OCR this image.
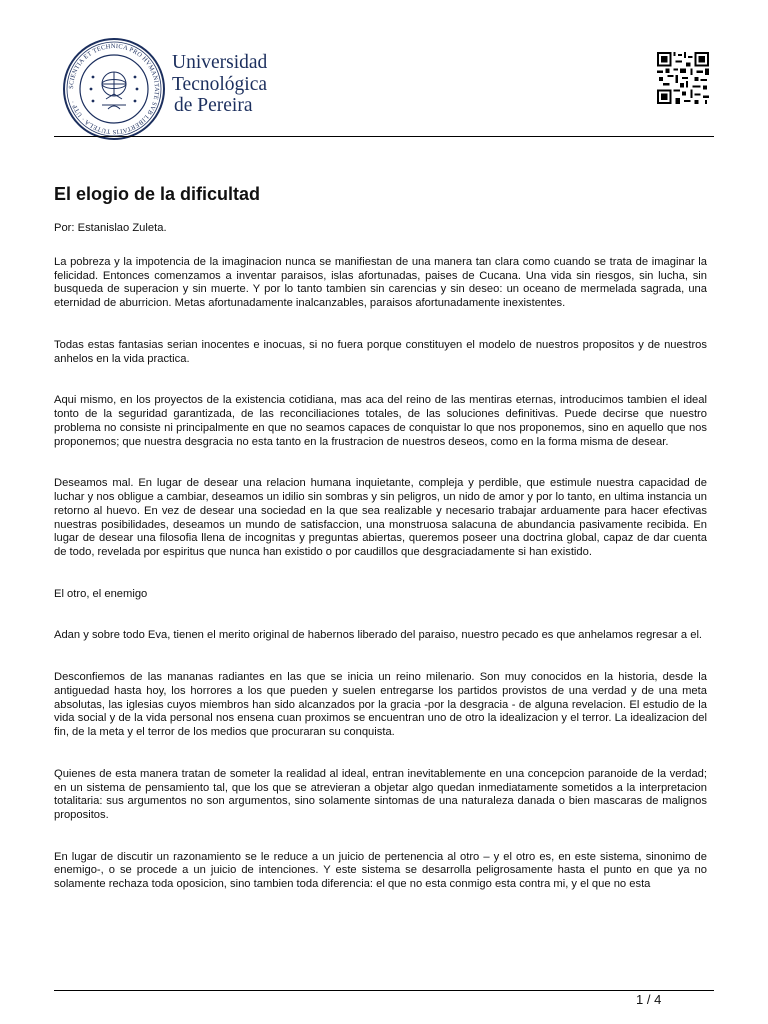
SCIENTIA ET TECHNICA PRO HVMANITATE SVB LIBERTATIS TUTELA · UTP ·
Universidad
Tecnológica
de Pereira
El elogio de la dificultad

Por: Estanislao Zuleta.

La pobreza y la impotencia de la imaginacion nunca se manifiestan de una manera tan clara como cuando se trata de imaginar la felicidad. Entonces comenzamos a inventar paraisos, islas afortunadas, paises de Cucana. Una vida sin riesgos, sin lucha, sin busqueda de superacion y sin muerte. Y por lo tanto tambien sin carencias y sin deseo: un oceano de mermelada sagrada, una eternidad de aburricion. Metas afortunadamente inalcanzables, paraisos afortunadamente inexistentes.

Todas estas fantasias serian inocentes e inocuas, si no fuera porque constituyen el modelo de nuestros propositos y de nuestros anhelos en la vida practica.

Aqui mismo, en los proyectos de la existencia cotidiana, mas aca del reino de las mentiras eternas, introducimos tambien el ideal tonto de la seguridad garantizada, de las reconciliaciones totales, de las soluciones definitivas. Puede decirse que nuestro problema no consiste ni principalmente en que no seamos capaces de conquistar lo que nos proponemos, sino en aquello que nos proponemos; que nuestra desgracia no esta tanto en la frustracion de nuestros deseos, como en la forma misma de desear.

Deseamos mal. En lugar de desear una relacion humana inquietante, compleja y perdible, que estimule nuestra capacidad de luchar y nos obligue a cambiar, deseamos un idilio sin sombras y sin peligros, un nido de amor y por lo tanto, en ultima instancia un retorno al huevo. En vez de desear una sociedad en la que sea realizable y necesario trabajar arduamente para hacer efectivas nuestras posibilidades, deseamos un mundo de satisfaccion, una monstruosa salacuna de abundancia pasivamente recibida. En lugar de desear una filosofia llena de incognitas y preguntas abiertas, queremos poseer una doctrina global, capaz de dar cuenta de todo, revelada por espiritus que nunca han existido o por caudillos que desgraciadamente si han existido.

El otro, el enemigo

Adan y sobre todo Eva, tienen el merito original de habernos liberado del paraiso, nuestro pecado es que anhelamos regresar a el.

Desconfiemos de las mananas radiantes en las que se inicia un reino milenario. Son muy conocidos en la historia, desde la antiguedad hasta hoy, los horrores a los que pueden y suelen entregarse los partidos provistos de una verdad y de una meta absolutas, las iglesias cuyos miembros han sido alcanzados por la gracia -por la desgracia - de alguna revelacion. El estudio de la vida social y de la vida personal nos ensena cuan proximos se encuentran uno de otro la idealizacion y el terror. La idealizacion del fin, de la meta y el terror de los medios que procuraran su conquista.

Quienes de esta manera tratan de someter la realidad al ideal, entran inevitablemente en una concepcion paranoide de la verdad; en un sistema de pensamiento tal, que los que se atrevieran a objetar algo quedan inmediatamente sometidos a la interpretacion totalitaria: sus argumentos no son argumentos, sino solamente sintomas de una naturaleza danada o bien mascaras de malignos propositos.

En lugar de discutir un razonamiento se le reduce a un juicio de pertenencia al otro – y el otro es, en este sistema, sinonimo de enemigo-, o se procede a un juicio de intenciones. Y este sistema se desarrolla peligrosamente hasta el punto en que ya no solamente rechaza toda oposicion, sino tambien toda diferencia: el que no esta conmigo esta contra mi, y el que no esta

1 / 4
